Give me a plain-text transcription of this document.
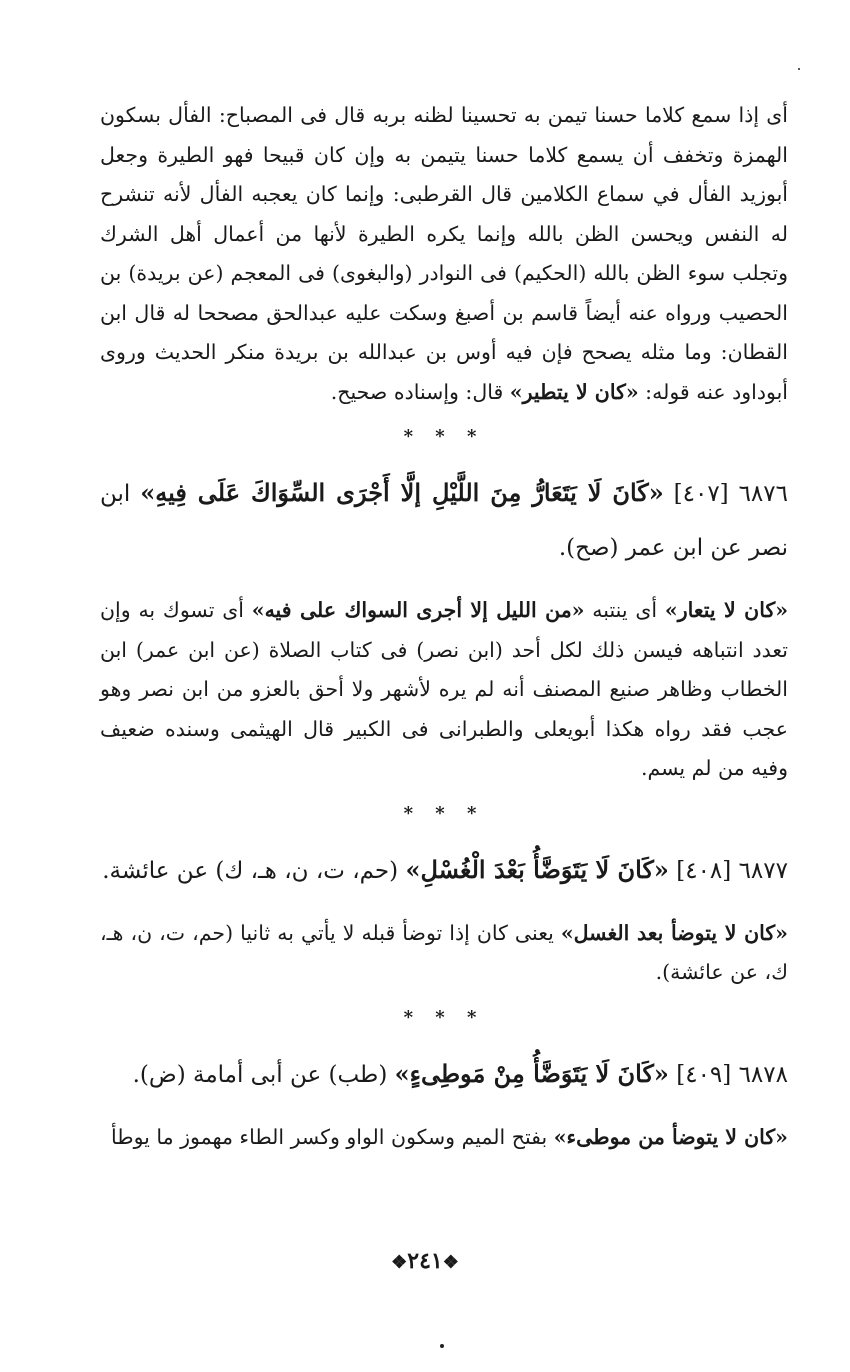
أى إذا سمع كلاما حسنا تيمن به تحسينا لظنه بربه قال فى المصباح: الفأل بسكون الهمزة وتخفف أن يسمع كلاما حسنا يتيمن به وإن كان قبيحا فهو الطيرة وجعل أبوزيد الفأل في سماع الكلامين قال القرطبى: وإنما كان يعجبه الفأل لأنه تنشرح له النفس ويحسن الظن بالله وإنما يكره الطيرة لأنها من أعمال أهل الشرك وتجلب سوء الظن بالله (الحكيم) فى النوادر (والبغوى) فى المعجم (عن بريدة) بن الحصيب ورواه عنه أيضاً قاسم بن أصبغ وسكت عليه عبدالحق مصححا له قال ابن القطان: وما مثله يصحح فإن فيه أوس بن عبدالله بن بريدة منكر الحديث وروى أبوداود عنه قوله: «كان لا يتطير» قال: وإسناده صحيح.

* * *

٦٨٧٦ [٤٠٧] «كَانَ لَا يَتَعَارُّ مِنَ اللَّيْلِ إلَّا أَجْرَى السِّوَاكَ عَلَى فِيهِ» ابن نصر عن ابن عمر (صح).

«كان لا يتعار» أى ينتبه «من الليل إلا أجرى السواك على فيه» أى تسوك به وإن تعدد انتباهه فيسن ذلك لكل أحد (ابن نصر) فى كتاب الصلاة (عن ابن عمر) ابن الخطاب وظاهر صنيع المصنف أنه لم يره لأشهر ولا أحق بالعزو من ابن نصر وهو عجب فقد رواه هكذا أبويعلى والطبرانى فى الكبير قال الهيثمى وسنده ضعيف وفيه من لم يسم.

* * *

٦٨٧٧ [٤٠٨] «كَانَ لَا يَتَوَضَّأُ بَعْدَ الْغُسْلِ» (حم، ت، ن، هـ، ك) عن عائشة.

«كان لا يتوضأ بعد الغسل» يعنى كان إذا توضأ قبله لا يأتي به ثانيا (حم، ت، ن، هـ، ك، عن عائشة).

* * *

٦٨٧٨ [٤٠٩] «كَانَ لَا يَتَوَضَّأُ مِنْ مَوطِىءٍ» (طب) عن أبى أمامة (ض).

«كان لا يتوضأ من موطىء» بفتح الميم وسكون الواو وكسر الطاء مهموز ما يوطأ

❖٢٤١❖
